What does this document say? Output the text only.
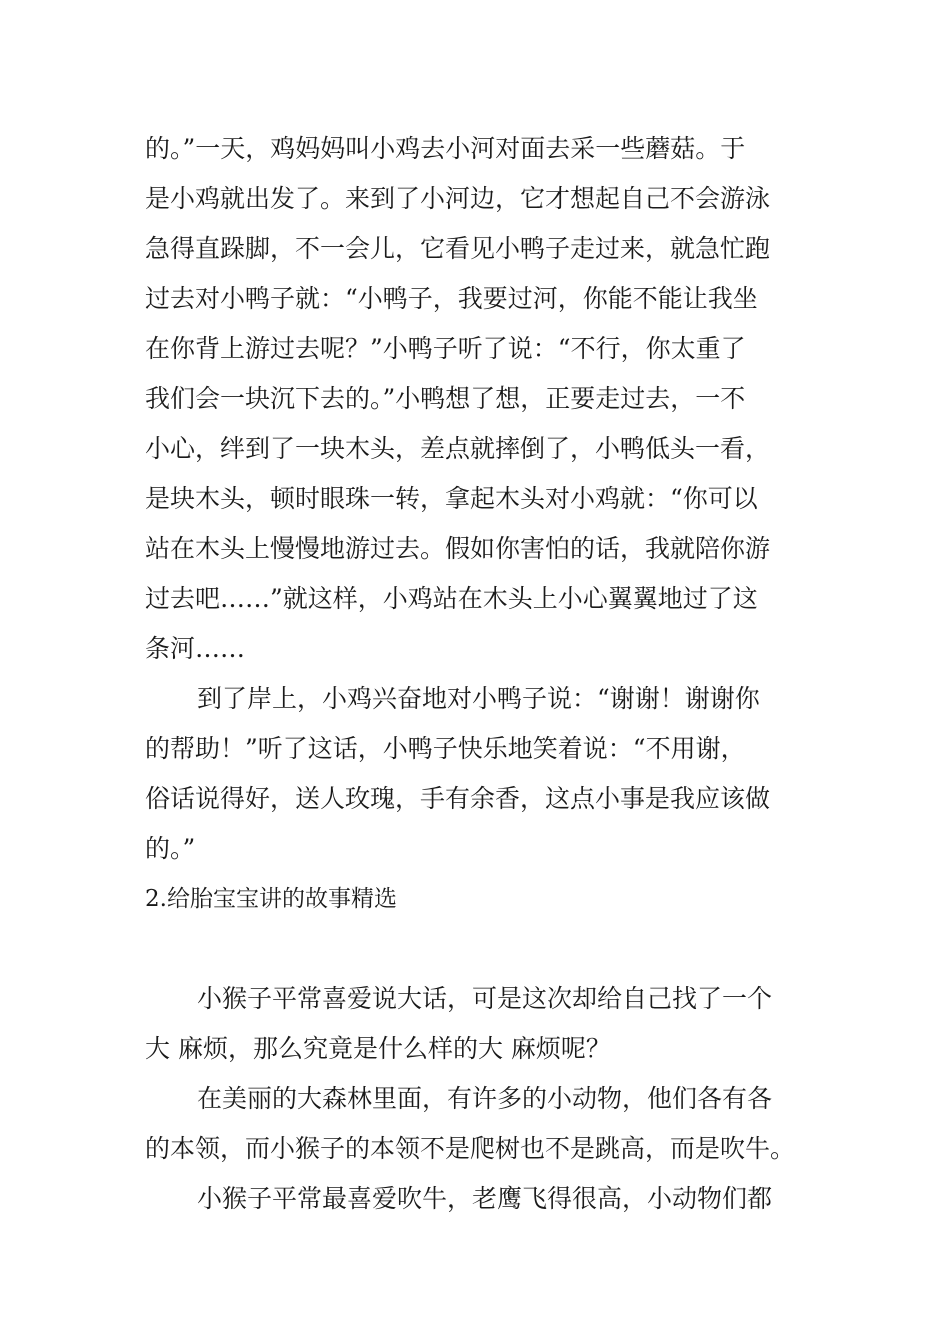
的。”一天，鸡妈妈叫小鸡去小河对面去采一些蘑菇。于
是小鸡就出发了。来到了小河边，它才想起自己不会游泳
急得直跺脚，不一会儿，它看见小鸭子走过来，就急忙跑
过去对小鸭子就：“小鸭子，我要过河，你能不能让我坐
在你背上游过去呢？”小鸭子听了说：“不行，你太重了
我们会一块沉下去的。”小鸭想了想，正要走过去，一不
小心，绊到了一块木头，差点就摔倒了，小鸭低头一看，
是块木头，顿时眼珠一转，拿起木头对小鸡就：“你可以
站在木头上慢慢地游过去。假如你害怕的话，我就陪你游
过去吧……”就这样，小鸡站在木头上小心翼翼地过了这
条河……
到了岸上，小鸡兴奋地对小鸭子说：“谢谢！谢谢你
的帮助！”听了这话，小鸭子快乐地笑着说：“不用谢，
俗话说得好，送人玫瑰，手有余香，这点小事是我应该做
的。”
2.给胎宝宝讲的故事精选
小猴子平常喜爱说大话，可是这次却给自己找了一个
大 麻烦，那么究竟是什么样的大 麻烦呢？
在美丽的大森林里面，有许多的小动物，他们各有各
的本领，而小猴子的本领不是爬树也不是跳高，而是吹牛。
小猴子平常最喜爱吹牛，老鹰飞得很高，小动物们都
